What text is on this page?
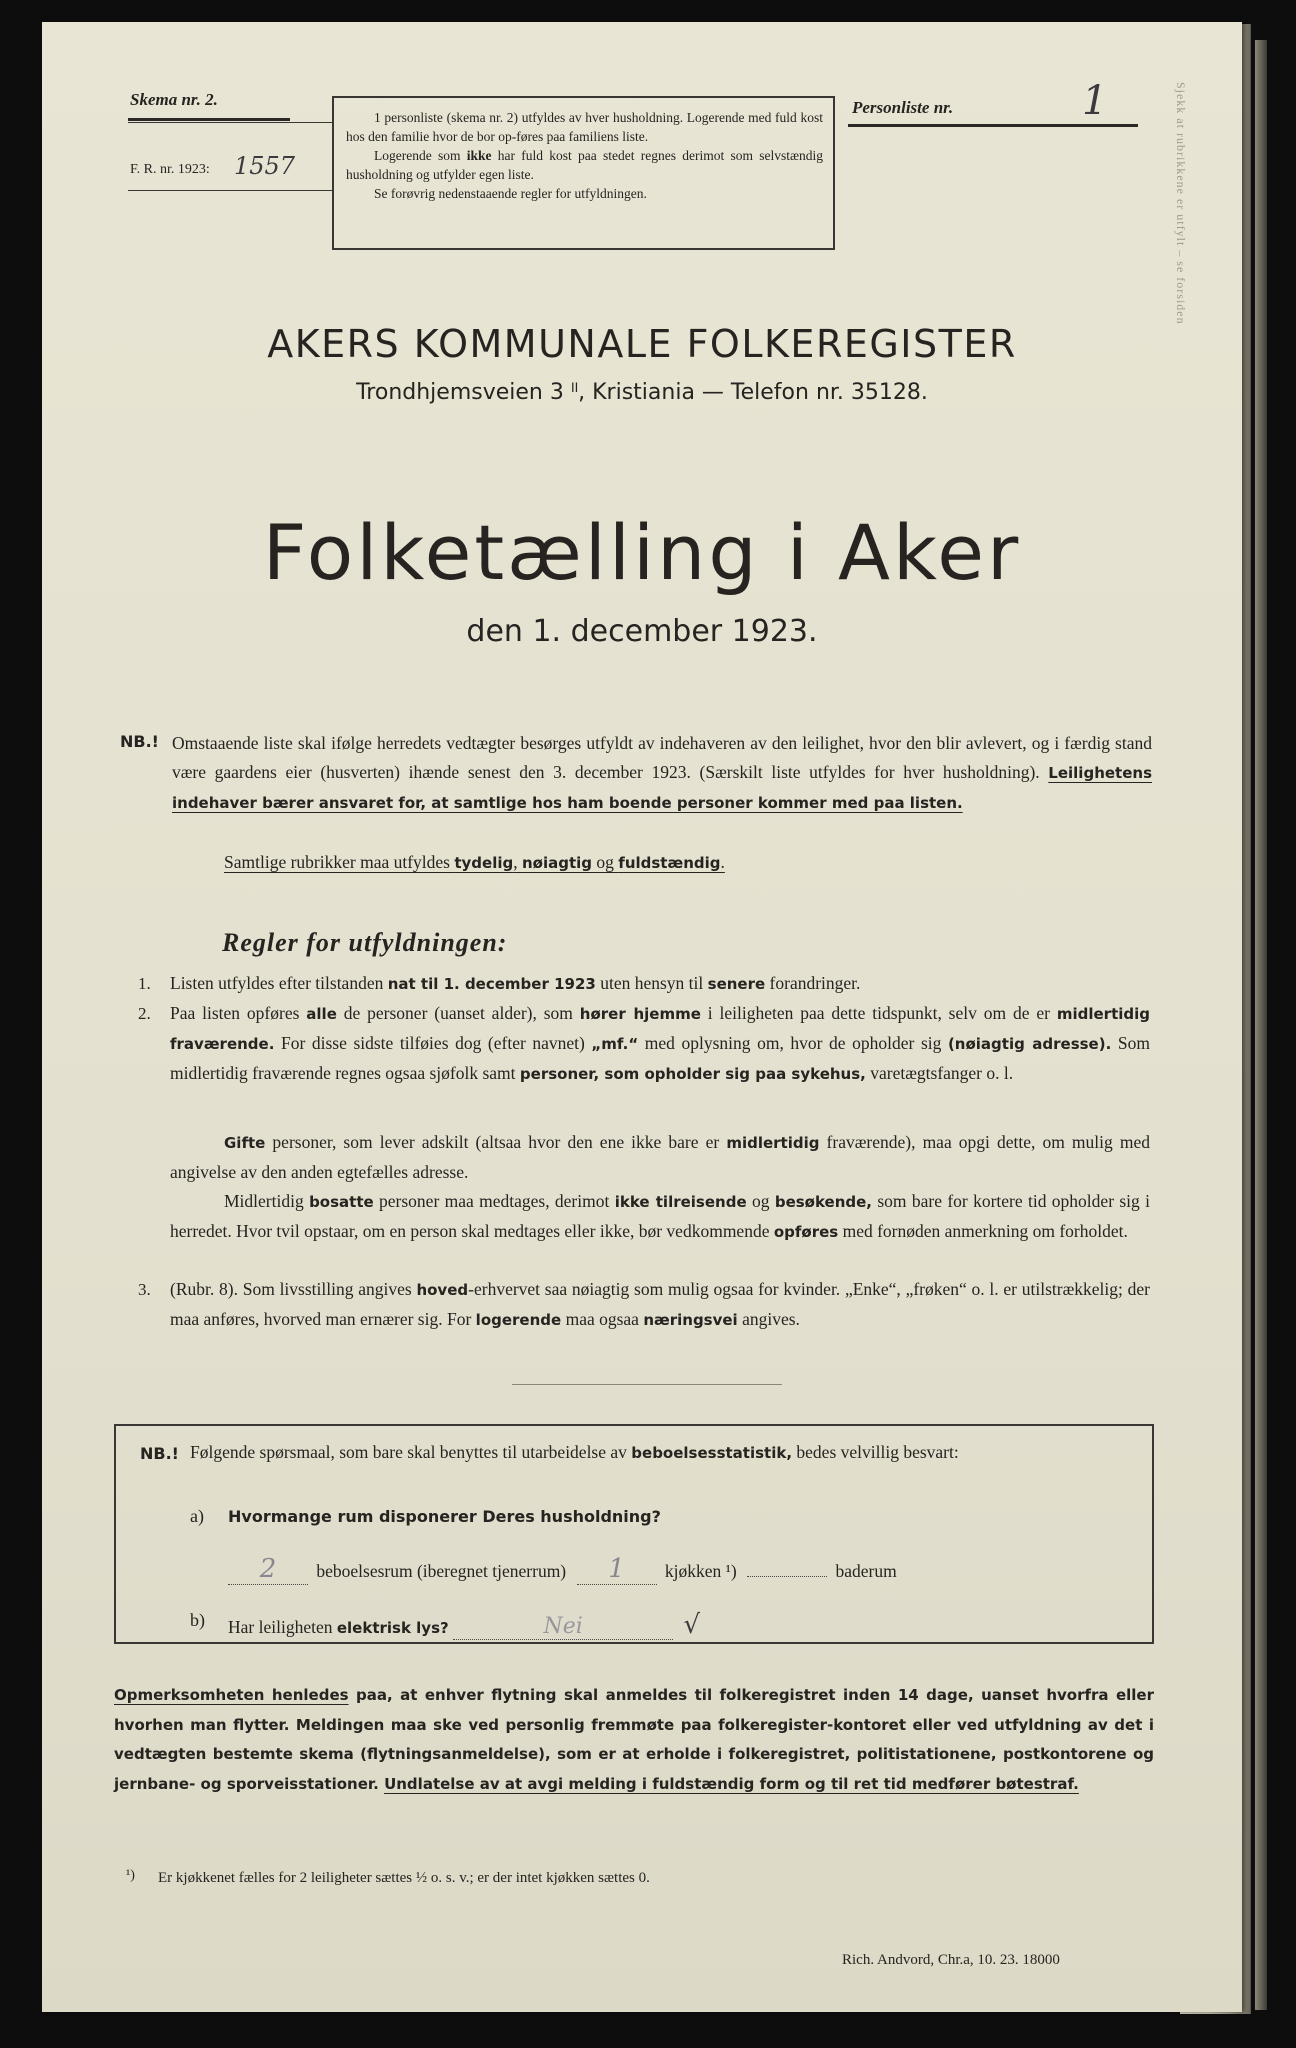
Sjekk at rubrikkene er utfylt – se forsiden
Skema nr. 2.
F. R. nr. 1923: 1557

1 personliste (skema nr. 2) utfyldes av hver husholdning. Logerende med fuld kost hos den familie hvor de bor op-føres paa familiens liste.

Logerende som ikke har fuld kost paa stedet regnes derimot som selvstændig husholdning og utfylder egen liste.

Se forøvrig nedenstaaende regler for utfyldningen.

Personliste nr.	1
AKERS KOMMUNALE FOLKEREGISTER
Trondhjemsveien 3 ˡˡ, Kristiania — Telefon nr. 35128.
Folketælling i Aker
den 1. december 1923.
NB.! Omstaaende liste skal ifølge herredets vedtægter besørges utfyldt av indehaveren av den leilighet, hvor den blir avlevert, og i færdig stand være gaardens eier (husverten) ihænde senest den 3. december 1923. (Særskilt liste utfyldes for hver husholdning). Leilighetens indehaver bærer ansvaret for, at samtlige hos ham boende personer kommer med paa listen.
Samtlige rubrikker maa utfyldes tydelig, nøiagtig og fuldstændig.
Regler for utfyldningen:
1. Listen utfyldes efter tilstanden nat til 1. december 1923 uten hensyn til senere forandringer.
2. Paa listen opføres alle de personer (uanset alder), som hører hjemme i leiligheten paa dette tidspunkt, selv om de er midlertidig fraværende. For disse sidste tilføies dog (efter navnet) „mf.“ med oplysning om, hvor de opholder sig (nøiagtig adresse). Som midlertidig fraværende regnes ogsaa sjøfolk samt personer, som opholder sig paa sykehus, varetægtsfanger o. l.
Gifte personer, som lever adskilt (altsaa hvor den ene ikke bare er midlertidig fraværende), maa opgi dette, om mulig med angivelse av den anden egtefælles adresse.
Midlertidig bosatte personer maa medtages, derimot ikke tilreisende og besøkende, som bare for kortere tid opholder sig i herredet. Hvor tvil opstaar, om en person skal medtages eller ikke, bør vedkommende opføres med fornøden anmerkning om forholdet.
3. (Rubr. 8). Som livsstilling angives hoved-erhvervet saa nøiagtig som mulig ogsaa for kvinder. „Enke“, „frøken“ o. l. er utilstrækkelig; der maa anføres, hvorved man ernærer sig. For logerende maa ogsaa næringsvei angives.
NB.! Følgende spørsmaal, som bare skal benyttes til utarbeidelse av beboelsesstatistik, bedes velvillig besvart:
a) Hvormange rum disponerer Deres husholdning?
2 beboelsesrum (iberegnet tjenerrum) 1 kjøkken ¹)	baderum
b) Har leiligheten elektrisk lys?	Nei	√
Opmerksomheten henledes paa, at enhver flytning skal anmeldes til folkeregistret inden 14 dage, uanset hvorfra eller hvorhen man flytter. Meldingen maa ske ved personlig fremmøte paa folkeregister-kontoret eller ved utfyldning av det i vedtægten bestemte skema (flytningsanmeldelse), som er at erholde i folkeregistret, politistationene, postkontorene og jernbane- og sporveisstationer. Undlatelse av at avgi melding i fuldstændig form og til ret tid medfører bøtestraf.
¹) Er kjøkkenet fælles for 2 leiligheter sættes ½ o. s. v.; er der intet kjøkken sættes 0.
Rich. Andvord, Chr.a, 10. 23. 18000
